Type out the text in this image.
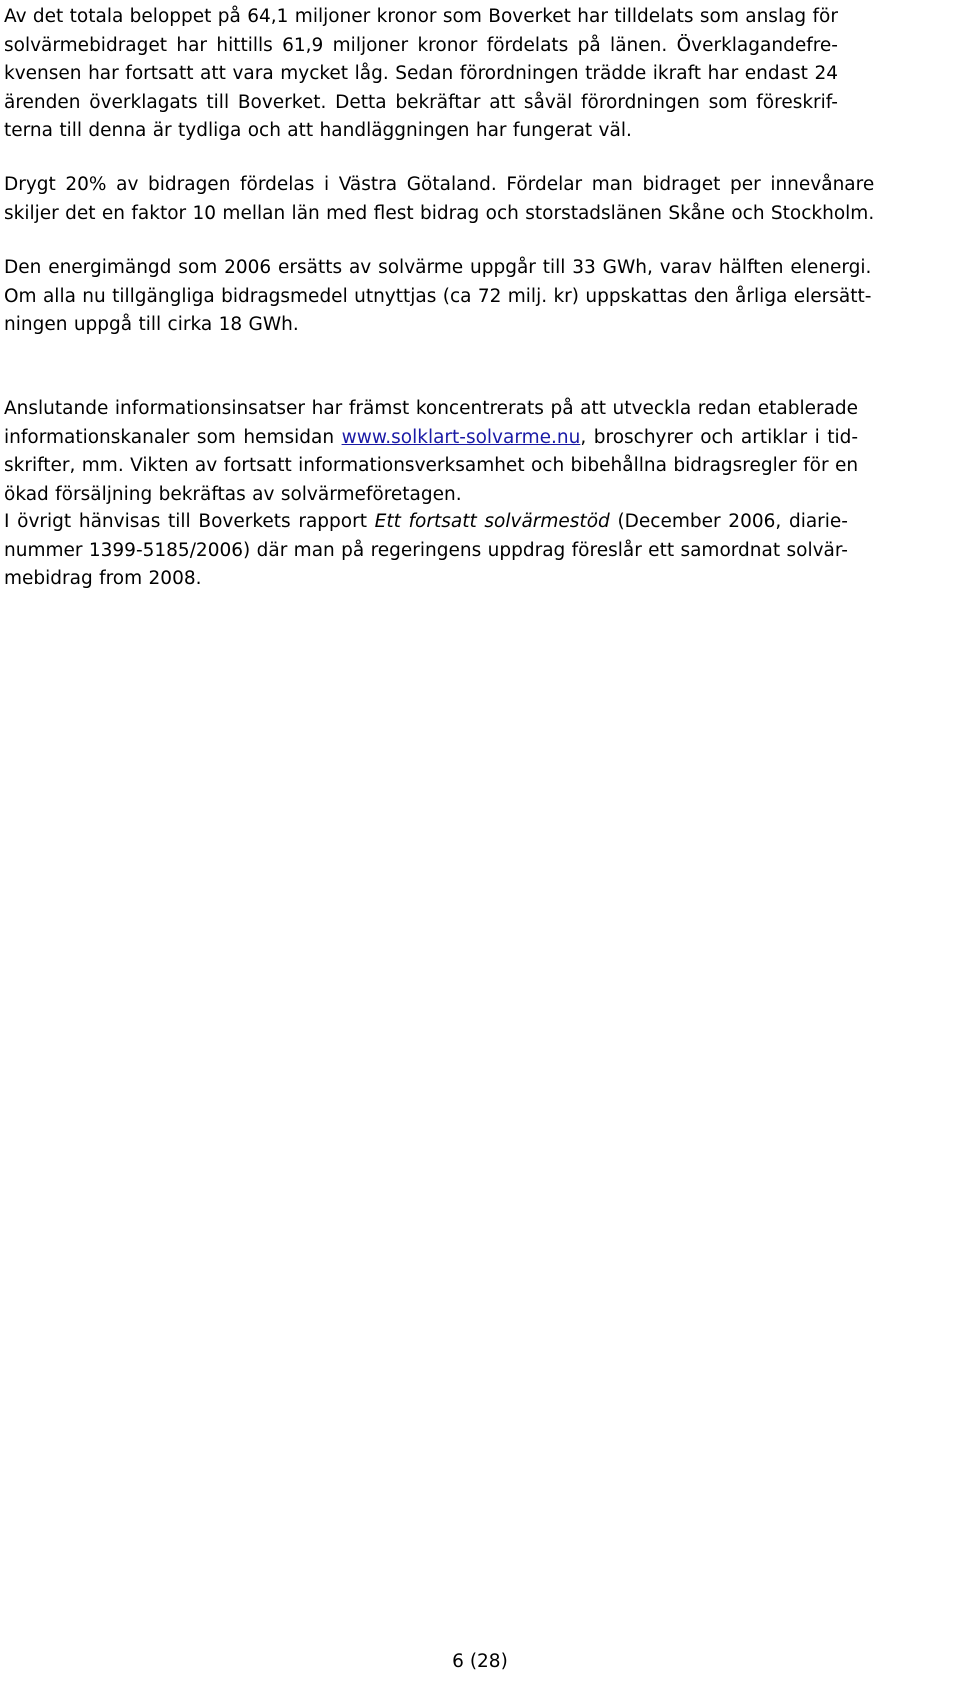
Av det totala beloppet på 64,1 miljoner kronor som Boverket har tilldelats som anslag för
solvärmebidraget har hittills 61,9 miljoner kronor fördelats på länen. Överklagandefre-
kvensen har fortsatt att vara mycket låg. Sedan förordningen trädde ikraft har endast 24
ärenden överklagats till Boverket. Detta bekräftar att såväl förordningen som föreskrif-
terna till denna är tydliga och att handläggningen har fungerat väl.

Drygt 20% av bidragen fördelas i Västra Götaland. Fördelar man bidraget per innevånare
skiljer det en faktor 10 mellan län med flest bidrag och storstadslänen Skåne och Stockholm.

Den energimängd som 2006 ersätts av solvärme uppgår till 33 GWh, varav hälften elenergi.
Om alla nu tillgängliga bidragsmedel utnyttjas (ca 72 milj. kr) uppskattas den årliga elersätt-
ningen uppgå till cirka 18 GWh.

Anslutande informationsinsatser har främst koncentrerats på att utveckla redan etablerade
informationskanaler som hemsidan www.solklart-solvarme.nu, broschyrer och artiklar i tid-
skrifter, mm. Vikten av fortsatt informationsverksamhet och bibehållna bidragsregler för en
ökad försäljning bekräftas av solvärmeföretagen.

I övrigt hänvisas till Boverkets rapport Ett fortsatt solvärmestöd (December 2006, diarie-
nummer 1399-5185/2006) där man på regeringens uppdrag föreslår ett samordnat solvär-
mebidrag from 2008.

6 (28)
